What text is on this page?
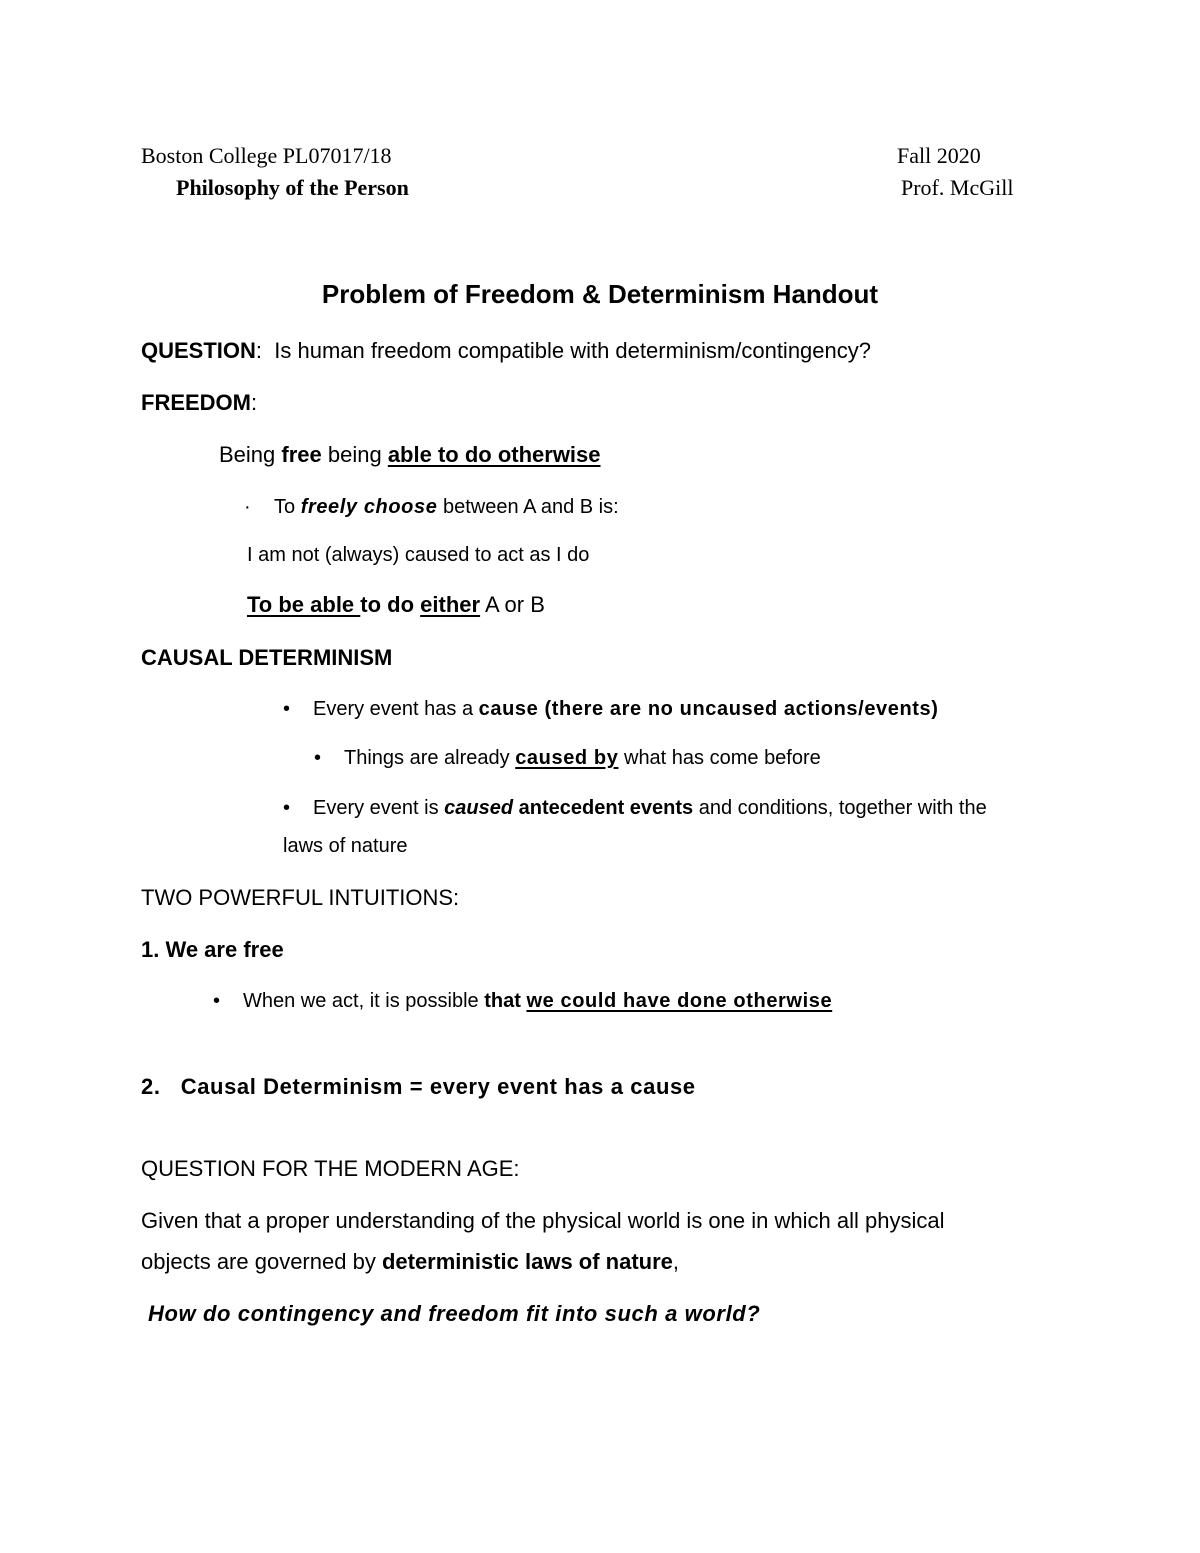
Boston College PL07017/18	Fall 2020
Philosophy of the Person	Prof. McGill
Problem of Freedom & Determinism Handout
QUESTION: Is human freedom compatible with determinism/contingency?
FREEDOM:
Being free being able to do otherwise
· To freely choose between A and B is:
I am not (always) caused to act as I do
To be able to do either A or B
CAUSAL DETERMINISM
• Every event has a cause (there are no uncaused actions/events)
• Things are already caused by what has come before
• Every event is caused antecedent events and conditions, together with the
laws of nature
TWO POWERFUL INTUITIONS:
1. We are free
• When we act, it is possible that we could have done otherwise
2. Causal Determinism = every event has a cause
QUESTION FOR THE MODERN AGE:
Given that a proper understanding of the physical world is one in which all physical
objects are governed by deterministic laws of nature,
How do contingency and freedom fit into such a world?
